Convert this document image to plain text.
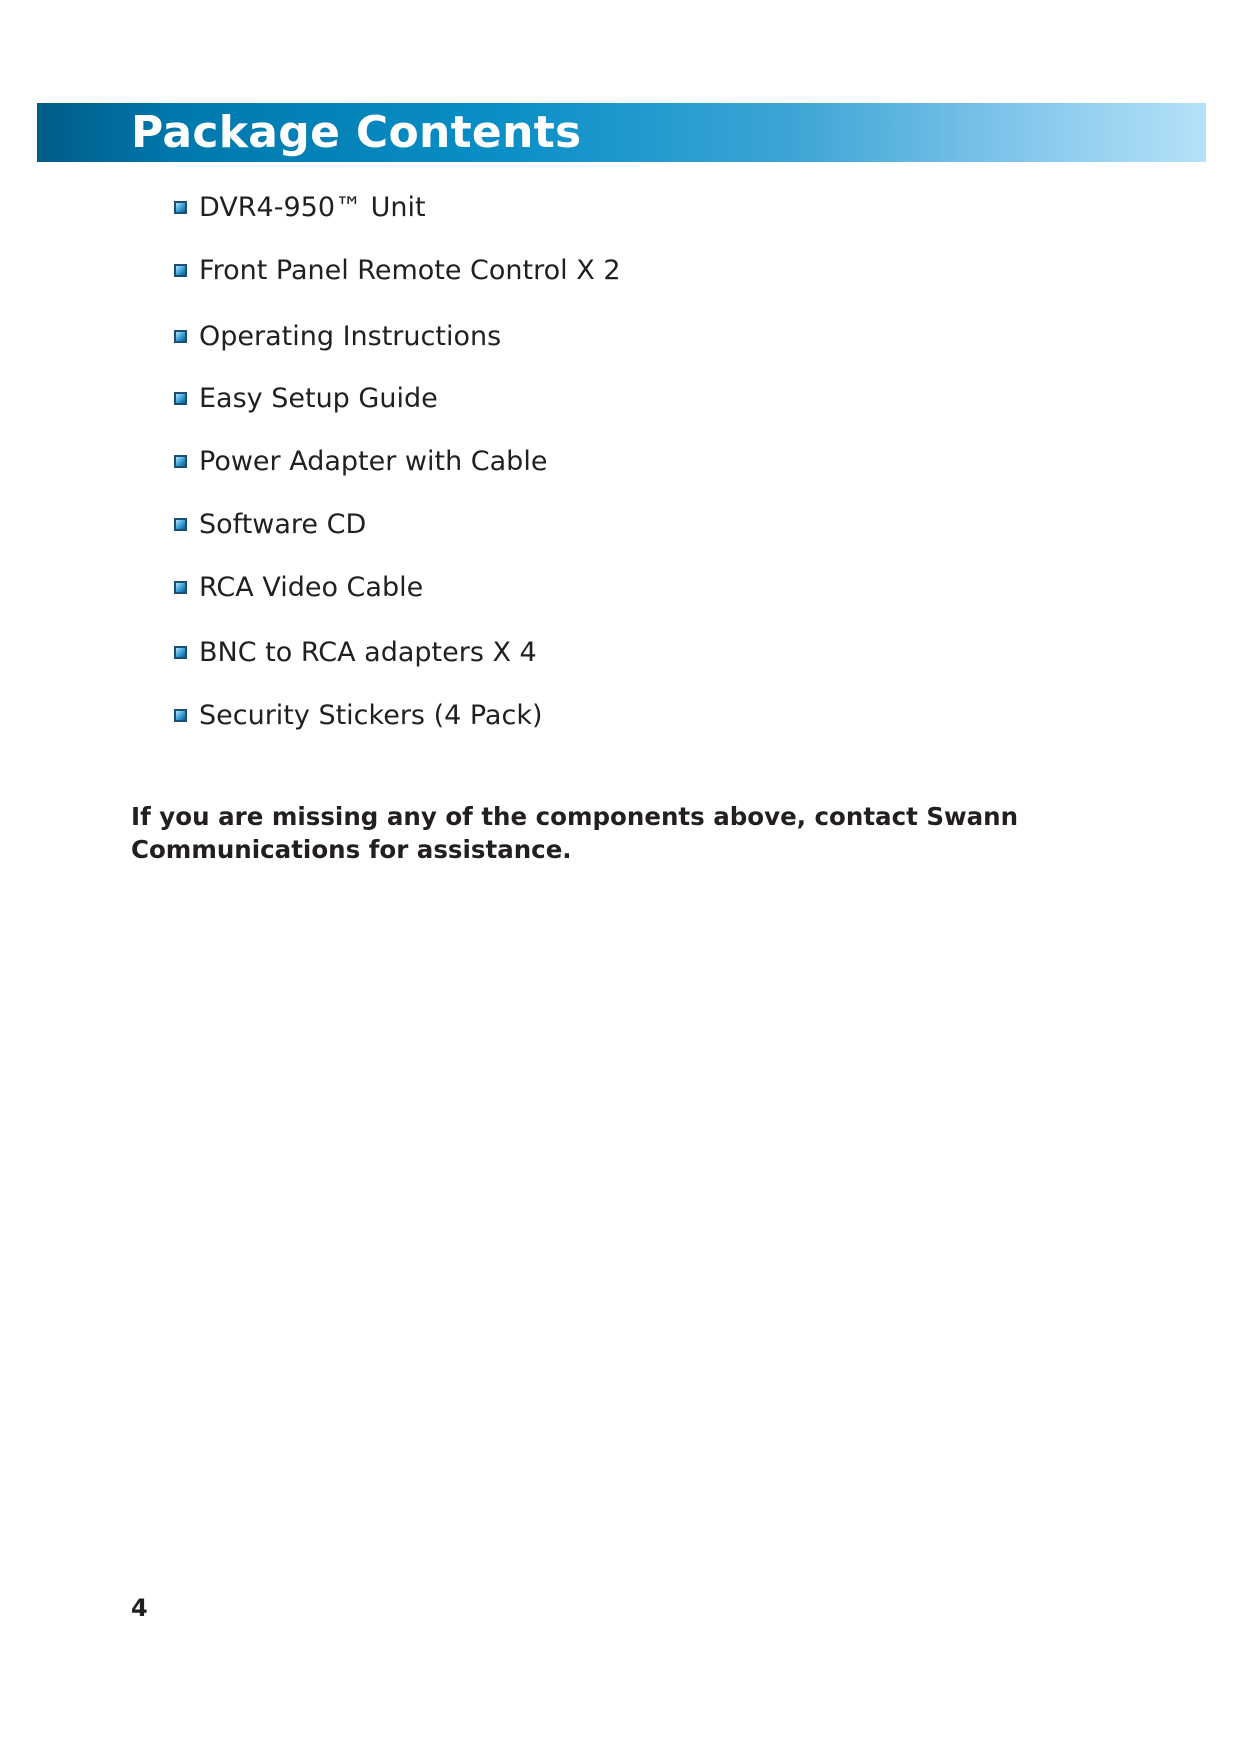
Package Contents
DVR4-950™ Unit
Front Panel Remote Control X 2
Operating Instructions
Easy Setup Guide
Power Adapter with Cable
Software CD
RCA Video Cable
BNC to RCA adapters X 4
Security Stickers (4 Pack)
If you are missing any of the components above, contact Swann Communications for assistance.
4
